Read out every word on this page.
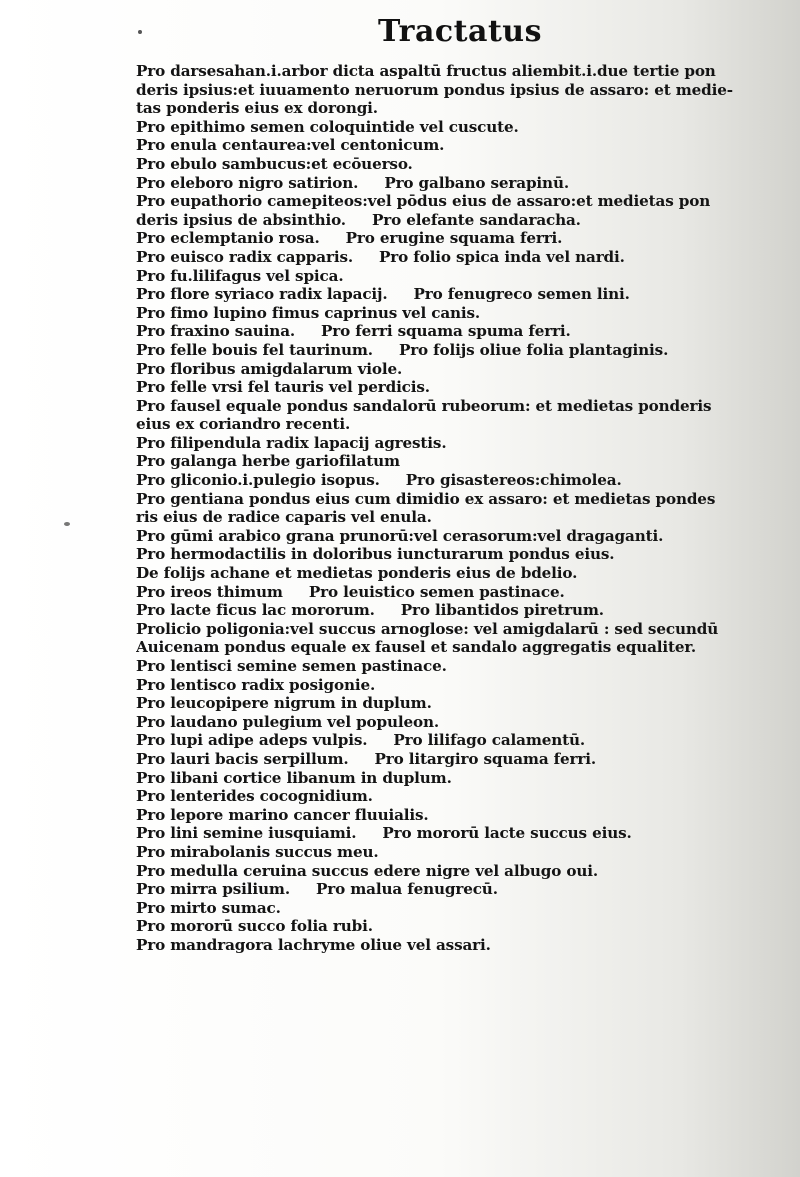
Tractatus
Pro darsesahan.i.arbor dicta aspaltū fructus aliembit.i.due tertie pon
deris ipsius:et iuuamento neruorum pondus ipsius de assaro: et medie-
tas ponderis eius ex dorongi.
Pro epithimo semen coloquintide vel cuscute.
Pro enula centaurea:vel centonicum.
Pro ebulo sambucus:et ecōuerso.
Pro eleboro nigro satirion. Pro galbano serapinū.
Pro eupathorio camepiteos:vel pōdus eius de assaro:et medietas pon
deris ipsius de absinthio. Pro elefante sandaracha.
Pro eclemptanio rosa. Pro erugine squama ferri.
Pro euisco radix capparis. Pro folio spica inda vel nardi.
Pro fu.lilifagus vel spica.
Pro flore syriaco radix lapacij. Pro fenugreco semen lini.
Pro fimo lupino fimus caprinus vel canis.
Pro fraxino sauina. Pro ferri squama spuma ferri.
Pro felle bouis fel taurinum. Pro folijs oliue folia plantaginis.
Pro floribus amigdalarum viole.
Pro felle vrsi fel tauris vel perdicis.
Pro fausel equale pondus sandalorū rubeorum: et medietas ponderis
eius ex coriandro recenti.
Pro filipendula radix lapacij agrestis.
Pro galanga herbe gariofilatum
Pro gliconio.i.pulegio isopus. Pro gisastereos:chimolea.
Pro gentiana pondus eius cum dimidio ex assaro: et medietas pondes
ris eius de radice caparis vel enula.
Pro gūmi arabico grana prunorū:vel cerasorum:vel dragaganti.
Pro hermodactilis in doloribus iuncturarum pondus eius.
De folijs achane et medietas ponderis eius de bdelio.
Pro ireos thimum Pro leuistico semen pastinace.
Pro lacte ficus lac mororum. Pro libantidos piretrum.
Prolicio poligonia:vel succus arnoglose: vel amigdalarū : sed secundū
Auicenam pondus equale ex fausel et sandalo aggregatis equaliter.
Pro lentisci semine semen pastinace.
Pro lentisco radix posigonie.
Pro leucopipere nigrum in duplum.
Pro laudano pulegium vel populeon.
Pro lupi adipe adeps vulpis. Pro lilifago calamentū.
Pro lauri bacis serpillum. Pro litargiro squama ferri.
Pro libani cortice libanum in duplum.
Pro lenterides cocognidium.
Pro lepore marino cancer fluuialis.
Pro lini semine iusquiami. Pro mororū lacte succus eius.
Pro mirabolanis succus meu.
Pro medulla ceruina succus edere nigre vel albugo oui.
Pro mirra psilium. Pro malua fenugrecū.
Pro mirto sumac.
Pro mororū succo folia rubi.
Pro mandragora lachryme oliue vel assari.
